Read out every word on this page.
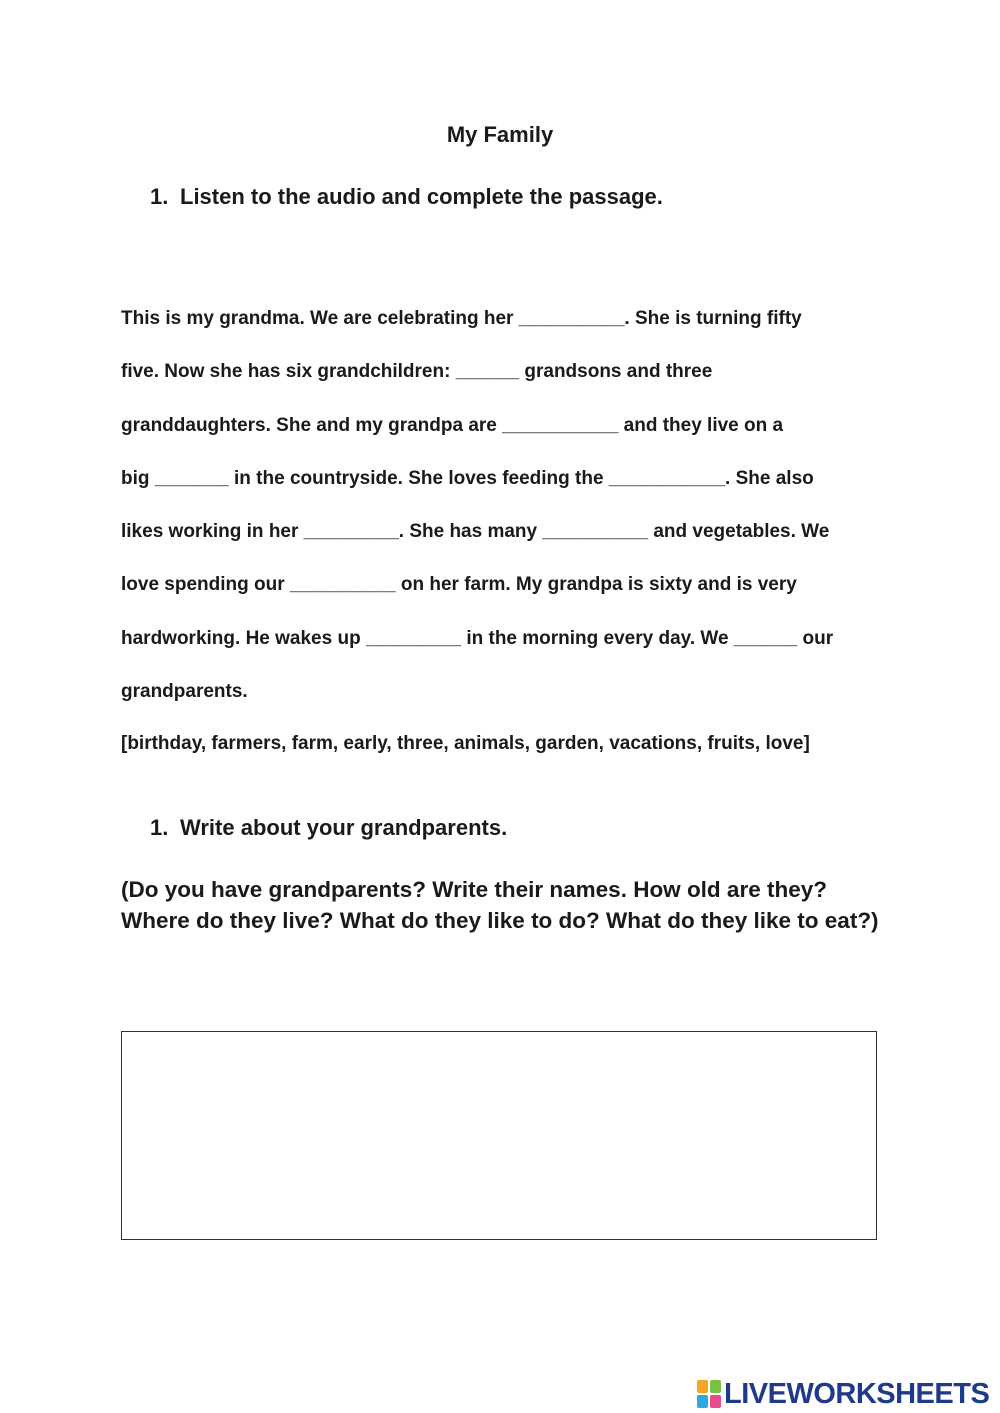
My Family
1. Listen to the audio and complete the passage.
This is my grandma. We are celebrating her __________. She is turning fifty
five. Now she has six grandchildren: ______ grandsons and three
granddaughters. She and my grandpa are ___________ and they live on a
big _______ in the countryside. She loves feeding the ___________. She also
likes working in her _________. She has many __________ and vegetables. We
love spending our __________ on her farm. My grandpa is sixty and is very
hardworking. He wakes up _________ in the morning every day. We ______ our
grandparents.
[birthday, farmers, farm, early, three, animals, garden, vacations, fruits, love]
1. Write about your grandparents.
(Do you have grandparents? Write their names. How old are they? Where do they live? What do they like to do? What do they like to eat?)
LIVEWORKSHEETS
